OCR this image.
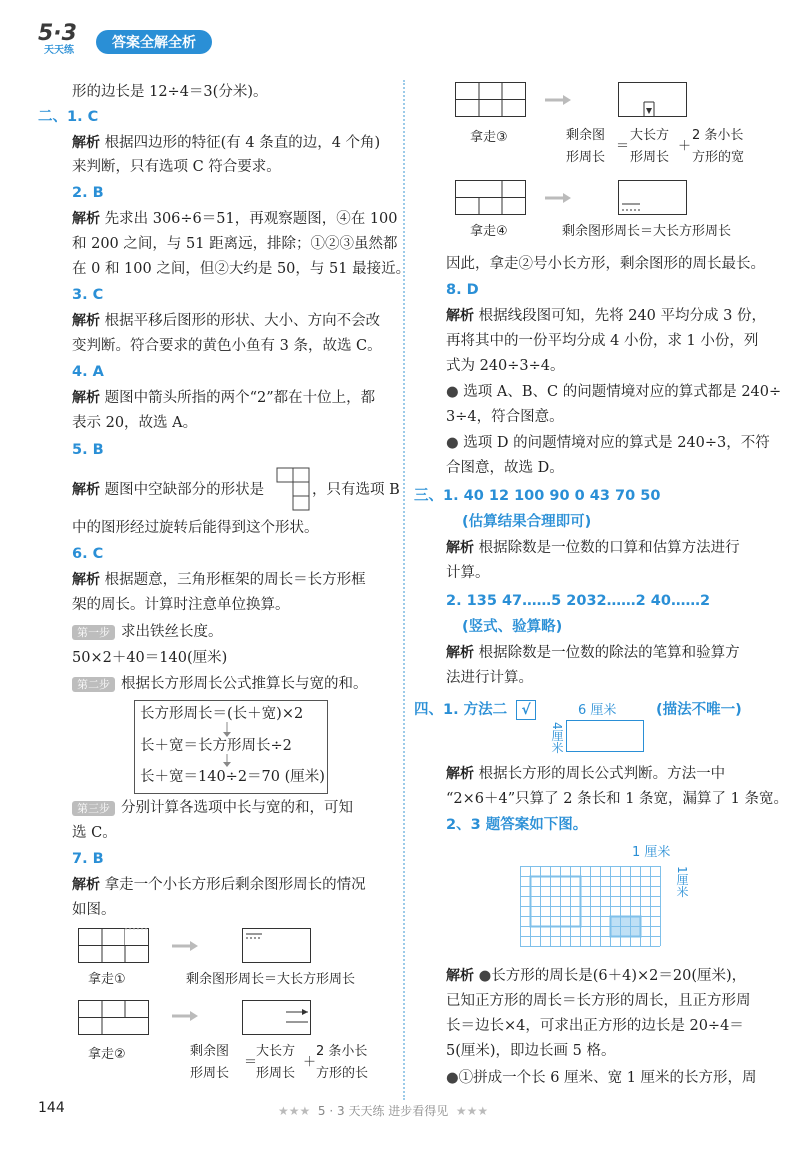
5·3
天天练	答案全解全析
形的边长是 12÷4＝3(分米)。
二、1. C
解析 根据四边形的特征(有 4 条直的边，4 个角)
来判断，只有选项 C 符合要求。
2. B
解析 先求出 306÷6＝51，再观察题图，④在 100
和 200 之间，与 51 距离远，排除；①②③虽然都
在 0 和 100 之间，但②大约是 50，与 51 最接近。
3. C
解析 根据平移后图形的形状、大小、方向不会改
变判断。符合要求的黄色小鱼有 3 条，故选 C。
4. A
解析 题图中箭头所指的两个“2”都在十位上，都
表示 20，故选 A。
5. B
解析 题图中空缺部分的形状是	，只有选项 B
中的图形经过旋转后能得到这个形状。
6. C
解析 根据题意，三角形框架的周长＝长方形框
架的周长。计算时注意单位换算。
第一步 求出铁丝长度。
50×2＋40＝140(厘米)
第二步 根据长方形周长公式推算长与宽的和。
长方形周长＝(长＋宽)×2
长＋宽＝长方形周长÷2
长＋宽＝140÷2＝70 (厘米)
第三步 分别计算各选项中长与宽的和，可知
选 C。
7. B
解析 拿走一个小长方形后剩余图形周长的情况
如图。
拿走①	剩余图形周长＝大长方形周长
拿走②	剩余图
形周长
＝
大长方
形周长
＋
2 条小长
方形的长
拿走③	剩余图
形周长
＝
大长方
形周长
＋
2 条小长
方形的宽
拿走④	剩余图形周长＝大长方形周长
因此，拿走②号小长方形，剩余图形的周长最长。
8. D
解析 根据线段图可知，先将 240 平均分成 3 份，
再将其中的一份平均分成 4 小份，求 1 小份，列
式为 240÷3÷4。
● 选项 A、B、C 的问题情境对应的算式都是 240÷
3÷4，符合图意。
● 选项 D 的问题情境对应的算式是 240÷3，不符
合图意，故选 D。
三、1. 40 12 100 90 0 43 70 50
(估算结果合理即可)
解析 根据除数是一位数的口算和估算方法进行
计算。
2. 135 47……5 2032……2 40……2
(竖式、验算略)
解析 根据除数是一位数的除法的笔算和验算方
法进行计算。
四、1. 方法二	√	6 厘米
4厘米
(描法不唯一)
解析 根据长方形的周长公式判断。方法一中
“2×6＋4”只算了 2 条长和 1 条宽，漏算了 1 条宽。
2、3 题答案如下图。
1 厘米
1厘米
解析 ●长方形的周长是(6＋4)×2＝20(厘米)，
已知正方形的周长＝长方形的周长，且正方形周
长＝边长×4，可求出正方形的边长是 20÷4＝
5(厘米)，即边长画 5 格。
●①拼成一个长 6 厘米、宽 1 厘米的长方形，周
144	★★★ 5 · 3 天天练 进步看得见 ★★★
